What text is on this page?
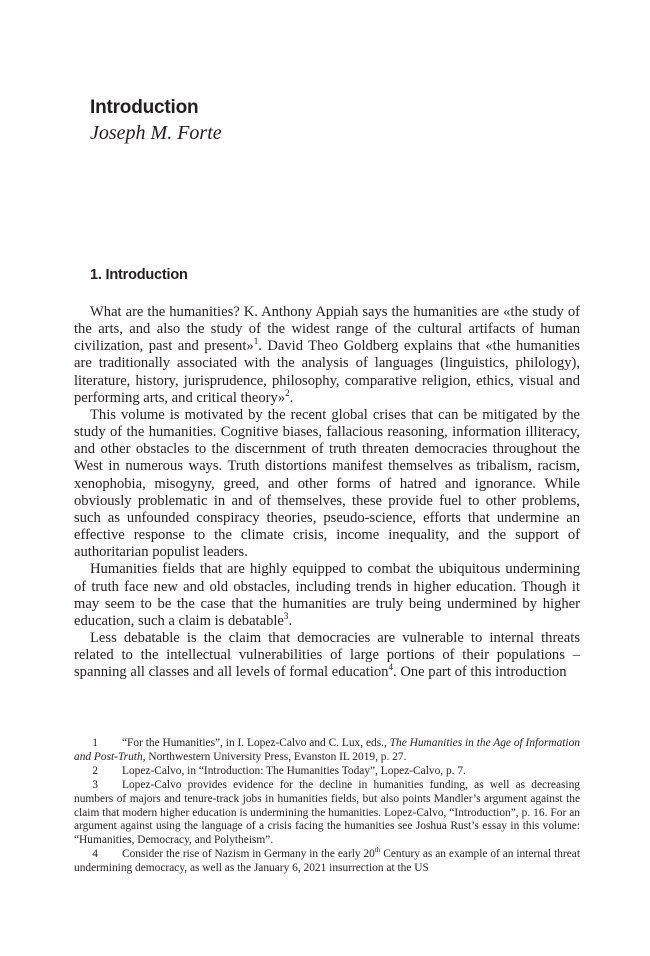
Introduction
Joseph M. Forte
1. Introduction

What are the humanities? K. Anthony Appiah says the humanities are «the study of the arts, and also the study of the widest range of the cultural artifacts of human civilization, past and present»$^1$. David Theo Goldberg explains that «the humanities are traditionally associated with the analysis of languages (linguistics, philology), literature, history, jurisprudence, philosophy, comparative religion, ethics, visual and performing arts, and critical theory»$^2$.

This volume is motivated by the recent global crises that can be mitigated by the study of the humanities. Cognitive biases, fallacious reasoning, information illiteracy, and other obstacles to the discernment of truth threaten democracies throughout the West in numerous ways. Truth distortions manifest themselves as tribalism, racism, xenophobia, misogyny, greed, and other forms of hatred and ignorance. While obviously problematic in and of themselves, these provide fuel to other problems, such as unfounded conspiracy theories, pseudo-science, efforts that undermine an effective response to the climate crisis, income inequality, and the support of authoritarian populist leaders.

Humanities fields that are highly equipped to combat the ubiquitous undermining of truth face new and old obstacles, including trends in higher education. Though it may seem to be the case that the humanities are truly being undermined by higher education, such a claim is debatable$^3$.

Less debatable is the claim that democracies are vulnerable to internal threats related to the intellectual vulnerabilities of large portions of their populations – spanning all classes and all levels of formal education$^4$. One part of this introduction

1 “For the Humanities”, in I. Lopez-Calvo and C. Lux, eds., The Humanities in the Age of Information and Post-Truth, Northwestern University Press, Evanston IL 2019, p. 27.

2 Lopez-Calvo, in “Introduction: The Humanities Today”, Lopez-Calvo, p. 7.

3 Lopez-Calvo provides evidence for the decline in humanities funding, as well as decreasing numbers of majors and tenure-track jobs in humanities fields, but also points Mandler’s argument against the claim that modern higher education is undermining the humanities. Lopez-Calvo, “Introduction”, p. 16. For an argument against using the language of a crisis facing the humanities see Joshua Rust’s essay in this volume: “Humanities, Democracy, and Polytheism”.

4 Consider the rise of Nazism in Germany in the early 20th Century as an example of an internal threat undermining democracy, as well as the January 6, 2021 insurrection at the US
